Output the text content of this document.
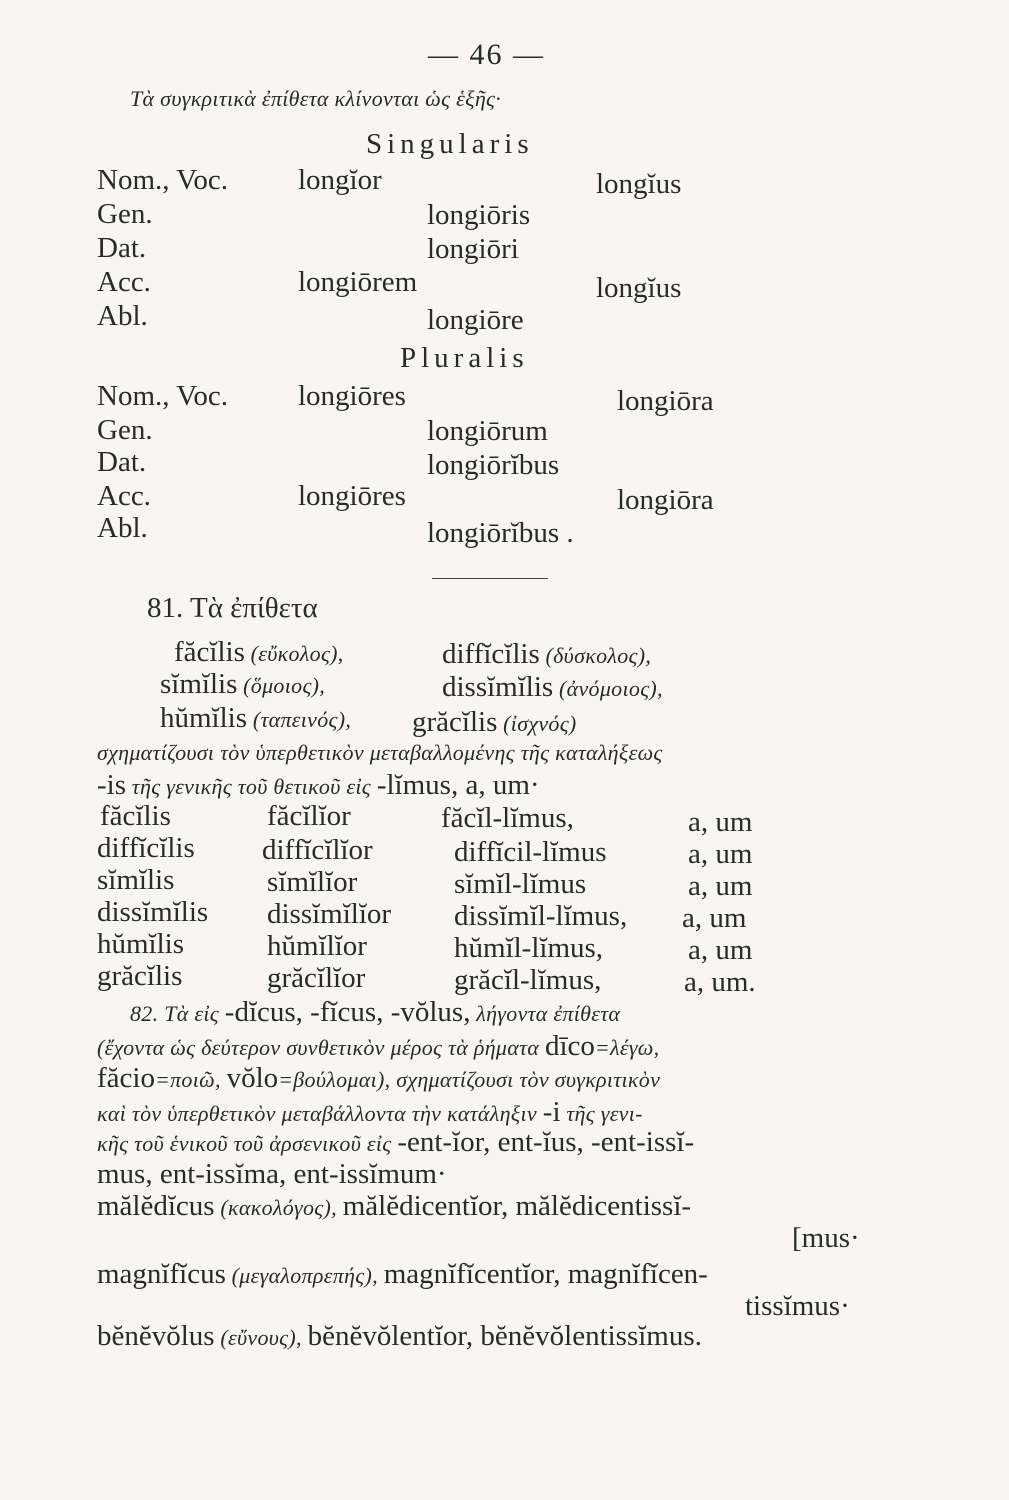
— 46 —
Τὰ συγκριτικὰ ἐπίθετα κλίνονται ὡς ἑξῆς·
Singularis
Nom., Voc. longĭor	longĭus
Gen.	longiōris
Dat.	longiōri
Acc.	longiōrem	longĭus
Abl.	longiōre
Pluralis
Nom., Voc. longiōres	longiōra
Gen.	longiōrum
Dat.	longiōrĭbus
Acc.	longiōres	longiōra
Abl.	longiōrĭbus .
81. Τὰ ἐπίθετα
făcĭlis (εὔκολος),	diffĭcĭlis (δύσκολος),
sĭmĭlis (ὅμοιος),	dissĭmĭlis (ἀνόμοιος),
hŭmĭlis (ταπεινός), grăcĭlis (ἰσχνός)
σχηματίζουσι τὸν ὑπερθετικὸν μεταβαλλομένης τῆς καταλήξεως
-is τῆς γενικῆς τοῦ θετικοῦ εἰς -lĭmus, a, um·
făcĭlis	făcĭlĭor	făcĭl-lĭmus,	a, um
diffĭcĭlis diffĭcĭlĭor	diffĭcil-lĭmus	a, um
sĭmĭlis	sĭmĭlĭor	sĭmĭl-lĭmus	a, um
dissĭmĭlis dissĭmĭlĭor dissĭmĭl-lĭmus, a, um
hŭmĭlis	hŭmĭlĭor	hŭmĭl-lĭmus,	a, um
grăcĭlis	grăcĭlĭor	grăcĭl-lĭmus,	a, um.
82. Τὰ εἰς -dĭcus, -fĭcus, -vŏlus, λήγοντα ἐπίθετα
(ἔχοντα ὡς δεύτερον συνθετικὸν μέρος τὰ ῥήματα dīco=λέγω,
făcio=ποιῶ, vŏlo=βούλομαι), σχηματίζουσι τὸν συγκριτικὸν
καὶ τὸν ὑπερθετικὸν μεταβάλλοντα τὴν κατάληξιν -i τῆς γενι-
κῆς τοῦ ἑνικοῦ τοῦ ἀρσενικοῦ εἰς -ent-ĭor, ent-ĭus, -ent-issĭ-
mus, ent-issĭma, ent-issĭmum·
mălĕdĭcus (κακολόγος), mălĕdicentĭor, mălĕdicentissĭ-
[mus·
magnĭfĭcus (μεγαλοπρεπής), magnĭfĭcentĭor, magnĭfĭcen-
tissĭmus·
bĕnĕvŏlus (εὔνους), bĕnĕvŏlentĭor, bĕnĕvŏlentissĭmus.
